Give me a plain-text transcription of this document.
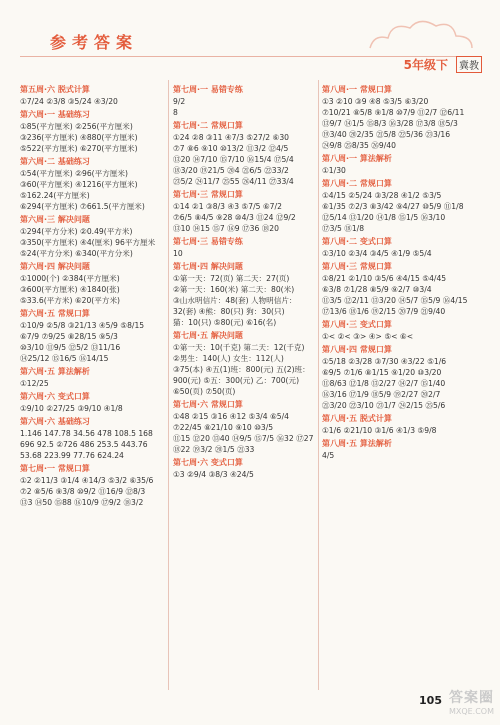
参考答案
5年级下	冀教
第五周·六 脱式计算
①7/24 ②3/8 ③5/24 ④3/20
第六周·一 基础练习
①85(平方厘米) ②256(平方厘米)
③236(平方厘米) ④880(平方厘米)
⑤522(平方厘米) ⑥270(平方厘米)
第六周·二 基础练习
①54(平方厘米) ②96(平方厘米)
③60(平方厘米) ④1216(平方厘米)
⑤162.24(平方厘米)
⑥294(平方厘米) ⑦661.5(平方厘米)
第六周·三 解决问题
①294(平方分米) ②0.49(平方米)
③350(平方厘米) ④4(厘米) 96平方厘米
⑤24(平方分米) ⑥340(平方分米)
第六周·四 解决问题
①1000(个) ②384(平方厘米)
③600(平方厘米) ④1840(张)
⑤33.6(平方米) ⑥20(平方米)
第六周·五 常规口算
①10/9 ②5/8 ③21/13 ④5/9 ⑤8/15
⑥7/9 ⑦9/25 ⑧28/15 ⑨5/3
⑩3/10 ⑪9/5 ⑫5/2 ⑬11/16
⑭25/12 ⑮16/5 ⑯14/15
第六周·五 算法解析
①12/25
第六周·六 变式口算
①9/10 ②27/25 ③9/10 ④1/8
第六周·六 基础练习
1.146 147.78 34.56 478 108.5 168
696 92.5 ②726 486 253.5 443.76
53.68 223.99 77.76 624.24
第七周·一 常规口算
①2 ②11/3 ③1/4 ④14/3 ⑤3/2 ⑥35/6
⑦2 ⑧5/6 ⑨3/8 ⑩9/2 ⑪16/9 ⑫8/3
⑬3 ⑭50 ⑮88 ⑯10/9 ⑰9/2 ⑱3/2
第七周·一 易错专练
9/2
8
第七周·二 常规口算
①24 ②8 ③11 ④7/3 ⑤27/2 ⑥30
⑦7 ⑧6 ⑨10 ⑩13/2 ⑪3/2 ⑫4/5
⑬20 ⑭7/10 ⑮7/10 ⑯15/4 ⑰5/4
⑱3/20 ⑲21/5 ⑳4 ㉑6/5 ㉒33/2
㉓5/2 ㉔11/7 ㉕55 ㉖4/11 ㉗33/4
第七周·三 常规口算
①14 ②1 ③8/3 ④3 ⑤7/5 ⑥7/2
⑦6/5 ⑧4/5 ⑨28 ⑩4/3 ⑪24 ⑫9/2
⑬10 ⑭15 ⑮7 ⑯9 ⑰36 ⑱20
第七周·三 易错专练
10
第七周·四 解决问题
①第一天：72(页) 第二天：27(页)
②第一天：160(米) 第二天：80(米)
③山水明信片：48(套) 人物明信片：
32(套) ④熊：80(只) 狗：30(只)
猫：10(只) ⑤80(元) ⑥16(名)
第七周·五 解决问题
①第一天：10(千克) 第二天：12(千克)
②男生：140(人) 女生：112(人)
③75(本) ④五(1)班：800(元) 五(2)班：
900(元) ⑤五：300(元) 乙：700(元)
⑥50(页) ⑦50(页)
第七周·六 常规口算
①48 ②15 ③16 ④12 ⑤3/4 ⑥5/4
⑦22/45 ⑧21/10 ⑨10 ⑩3/5
⑪15 ⑫20 ⑬40 ⑭9/5 ⑮7/5 ⑯32 ⑰27
⑱22 ⑲3/2 ⑳1/5 ㉑33
第七周·六 变式口算
①3 ②9/4 ③8/3 ④24/5
第八周·一 常规口算
①3 ②10 ③9 ④8 ⑤3/5 ⑥3/20
⑦10/21 ⑧5/8 ⑨1/8 ⑩7/9 ⑪2/7 ⑫6/11
⑬9/7 ⑭1/5 ⑮8/3 ⑯3/28 ⑰3/8 ⑱5/3
⑲3/40 ⑳2/35 ㉑5/8 ㉒5/36 ㉓3/16
㉔9/8 ㉕8/35 ㉖9/40
第八周·一 算法解析
①1/30
第八周·二 常规口算
①4/15 ②5/24 ③3/28 ④1/2 ⑤3/5
⑥1/35 ⑦2/3 ⑧3/42 ⑨4/27 ⑩5/9 ⑪1/8
⑫5/14 ⑬1/20 ⑭1/8 ⑮1/5 ⑯3/10
⑰3/5 ⑱1/8
第八周·二 变式口算
①3/10 ②3/4 ③4/5 ④1/9 ⑤5/4
第八周·三 常规口算
①8/21 ②1/10 ③5/6 ④4/15 ⑤4/45
⑥3/8 ⑦1/28 ⑧5/9 ⑨2/7 ⑩3/4
⑪3/5 ⑫2/11 ⑬3/20 ⑭5/7 ⑮5/9 ⑯4/15
⑰13/6 ⑱1/6 ⑲2/15 ⑳7/9 ㉑9/40
第八周·三 变式口算
①< ②< ③> ④> ⑤< ⑥<
第八周·四 常规口算
①5/18 ②3/28 ③7/30 ④3/22 ⑤1/6
⑥9/5 ⑦1/6 ⑧1/15 ⑨1/20 ⑩3/20
⑪8/63 ⑫1/8 ⑬2/27 ⑭2/7 ⑮1/40
⑯3/16 ⑰1/9 ⑱5/9 ⑲2/27 ⑳2/7
㉑3/20 ㉒3/10 ㉓1/7 ㉔2/15 ㉕5/6
第八周·五 脱式计算
①1/6 ②21/10 ③1/6 ④1/3 ⑤9/8
第八周·五 算法解析
4/5
105 答案圈
MXQE.COM
